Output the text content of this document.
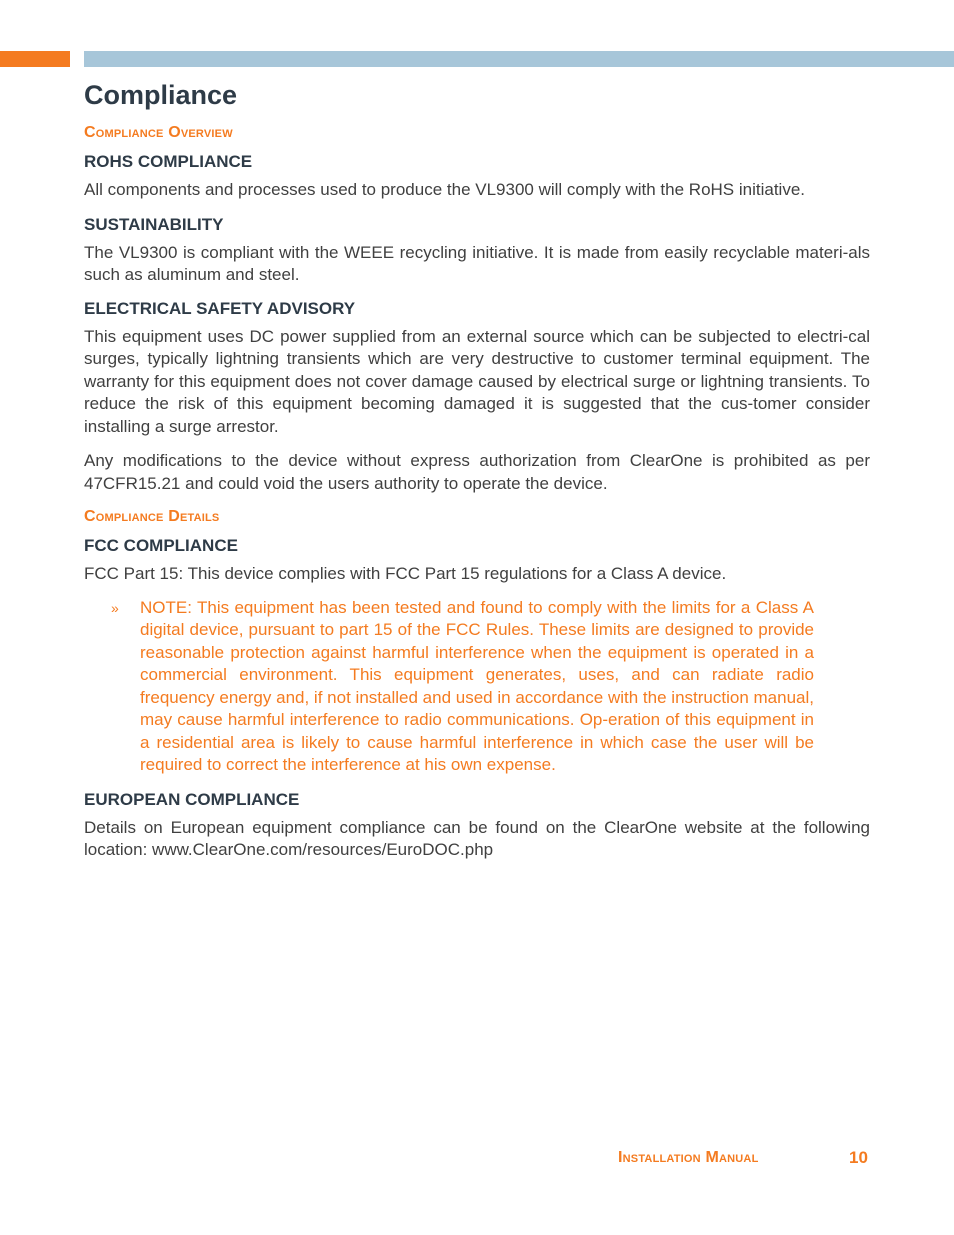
Compliance
Compliance Overview
ROHS COMPLIANCE

All components and processes used to produce the VL9300 will comply with the RoHS initiative.

SUSTAINABILITY

The VL9300 is compliant with the WEEE recycling initiative. It is made from easily recyclable materi-als such as aluminum and steel.

ELECTRICAL SAFETY ADVISORY

This equipment uses DC power supplied from an external source which can be subjected to electri-cal surges, typically lightning transients which are very destructive to customer terminal equipment. The warranty for this equipment does not cover damage caused by electrical surge or lightning transients. To reduce the risk of this equipment becoming damaged it is suggested that the cus-tomer consider installing a surge arrestor.

Any modifications to the device without express authorization from ClearOne is prohibited as per 47CFR15.21 and could void the users authority to operate the device.

Compliance Details
FCC COMPLIANCE

FCC Part 15: This device complies with FCC Part 15 regulations for a Class A device.

»	NOTE: This equipment has been tested and found to comply with the limits for a Class A digital device, pursuant to part 15 of the FCC Rules. These limits are designed to provide reasonable protection against harmful interference when the equipment is operated in a commercial environment. This equipment generates, uses, and can radiate radio frequency energy and, if not installed and used in accordance with the instruction manual, may cause harmful interference to radio communications. Op-eration of this equipment in a residential area is likely to cause harmful interference in which case the user will be required to correct the interference at his own expense.
EUROPEAN COMPLIANCE

Details on European equipment compliance can be found on the ClearOne website at the following location: www.ClearOne.com/resources/EuroDOC.php

Installation Manual	10
